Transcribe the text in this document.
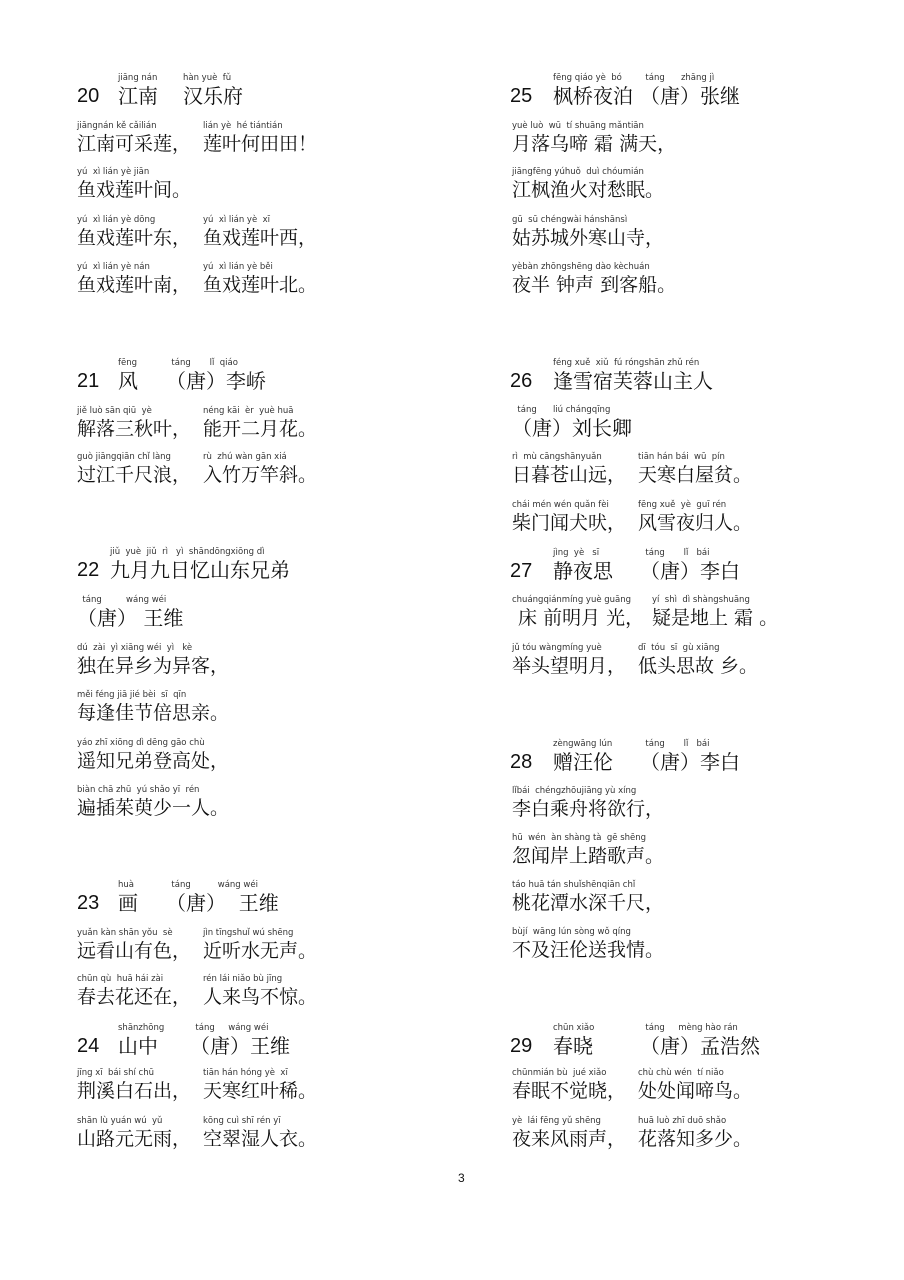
20
jiāng nán
江南
hàn yuè  fǔ
汉乐府
jiāngnán kě cǎilián
江南可采莲，
lián yè  hé tiántián
莲叶何田田！
yú  xì lián yè jiān
鱼戏莲叶间。
yú  xì lián yè dōng
鱼戏莲叶东，
yú  xì lián yè  xī
鱼戏莲叶西，
yú  xì lián yè nán
鱼戏莲叶南，
yú  xì lián yè běi
鱼戏莲叶北。
21
fēng
风
táng       lǐ  qiáo
（唐）李峤
jiě luò sān qiū  yè
解落三秋叶，
néng kāi  èr  yuè huā
能开二月花。
guò jiāngqiān chǐ làng
过江千尺浪，
rù  zhú wàn gān xiá
入竹万竿斜。
22
jiǔ  yuè  jiǔ  rì   yì  shāndōngxiōng dì
九月九日忆山东兄弟
táng         wáng wéi
（唐） 王维
dú  zài  yì xiāng wéi  yì   kè
独在异乡为异客，
měi féng jiā jié bèi  sī  qīn
每逢佳节倍思亲。
yáo zhī xiōng dì dēng gāo chù
遥知兄弟登高处，
biàn chā zhū  yú shǎo yī  rén
遍插茱萸少一人。
23
huà
画
táng          wáng wéi
（唐）  王维
yuǎn kàn shān yǒu  sè
远看山有色，
jìn tīngshuǐ wú shēng
近听水无声。
chūn qù  huā hái zài
春去花还在，
rén lái niǎo bù jīng
人来鸟不惊。
24
shānzhōng
山中
táng     wáng wéi
（唐）王维
jīng xī  bái shí chū
荆溪白石出，
tiān hán hóng yè  xī
天寒红叶稀。
shān lù yuán wú  yǔ
山路元无雨，
kōng cuì shī rén yī
空翠湿人衣。
25
fēng qiáo yè  bó
枫桥夜泊
táng      zhāng jì
（唐）张继
yuè luò  wū  tí shuāng mǎntiān
月落乌啼 霜 满天，
jiāngfēng yúhuǒ  duì chóumián
江枫渔火对愁眠。
gū  sū chéngwài hánshānsì
姑苏城外寒山寺，
yèbàn zhōngshēng dào kèchuán
夜半 钟声 到客船。
26
féng xuě  xiǔ  fú róngshān zhǔ rén
逢雪宿芙蓉山主人
táng      liú chángqīng
（唐）刘长卿
rì  mù cāngshānyuǎn
日暮苍山远，
tiān hán bái  wū  pín
天寒白屋贫。
chái mén wén quǎn fèi
柴门闻犬吠，
fēng xuě  yè  guī rén
风雪夜归人。
27
jìng  yè   sī
静夜思
táng       lǐ   bái
（唐）李白
chuángqiánmíng yuè guāng
床 前明月 光，
yí  shì  dì shàngshuāng
疑是地上 霜 。
jǔ tóu wàngmíng yuè
举头望明月，
dī  tóu  sī  gù xiāng
低头思故 乡。
28
zèngwāng lún
赠汪伦
táng       lǐ   bái
（唐）李白
lǐbái  chéngzhōujiāng yù xíng
李白乘舟将欲行，
hū  wén  àn shàng tà  gē shēng
忽闻岸上踏歌声。
táo huā tán shuǐshēnqiān chǐ
桃花潭水深千尺，
bùjí  wāng lún sòng wǒ qíng
不及汪伦送我情。
29
chūn xiǎo
春晓
táng     mèng hào rán
（唐）孟浩然
chūnmián bù  jué xiǎo
春眠不觉晓，
chù chù wén  tí niǎo
处处闻啼鸟。
yè  lái fēng yǔ shēng
夜来风雨声，
huā luò zhī duō shǎo
花落知多少。
3
